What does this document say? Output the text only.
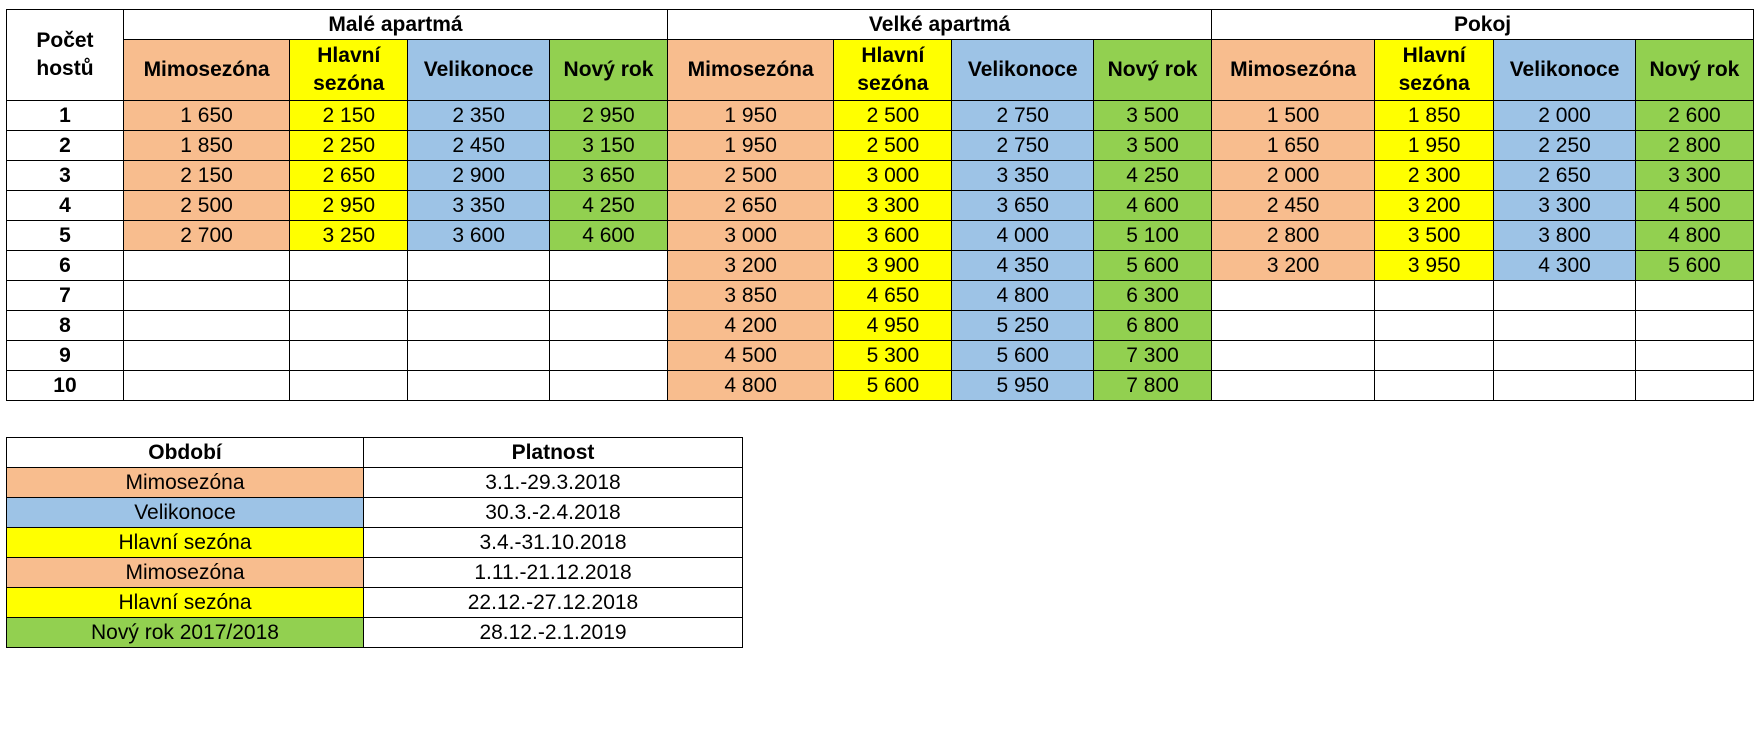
Počet hostů	Malé apartmá				Velké apartmá				Pokoj			
	Mimosezóna	Hlavní sezóna	Velikonoce	Nový rok	Mimosezóna	Hlavní sezóna	Velikonoce	Nový rok	Mimosezóna	Hlavní sezóna	Velikonoce	Nový rok
1	1 650	2 150	2 350	2 950	1 950	2 500	2 750	3 500	1 500	1 850	2 000	2 600
2	1 850	2 250	2 450	3 150	1 950	2 500	2 750	3 500	1 650	1 950	2 250	2 800
3	2 150	2 650	2 900	3 650	2 500	3 000	3 350	4 250	2 000	2 300	2 650	3 300
4	2 500	2 950	3 350	4 250	2 650	3 300	3 650	4 600	2 450	3 200	3 300	4 500
5	2 700	3 250	3 600	4 600	3 000	3 600	4 000	5 100	2 800	3 500	3 800	4 800
6					3 200	3 900	4 350	5 600	3 200	3 950	4 300	5 600
7					3 850	4 650	4 800	6 300				
8					4 200	4 950	5 250	6 800				
9					4 500	5 300	5 600	7 300				
10					4 800	5 600	5 950	7 800				
Období	Platnost
Mimosezóna	3.1.-29.3.2018
Velikonoce	30.3.-2.4.2018
Hlavní sezóna	3.4.-31.10.2018
Mimosezóna	1.11.-21.12.2018
Hlavní sezóna	22.12.-27.12.2018
Nový rok 2017/2018	28.12.-2.1.2019
